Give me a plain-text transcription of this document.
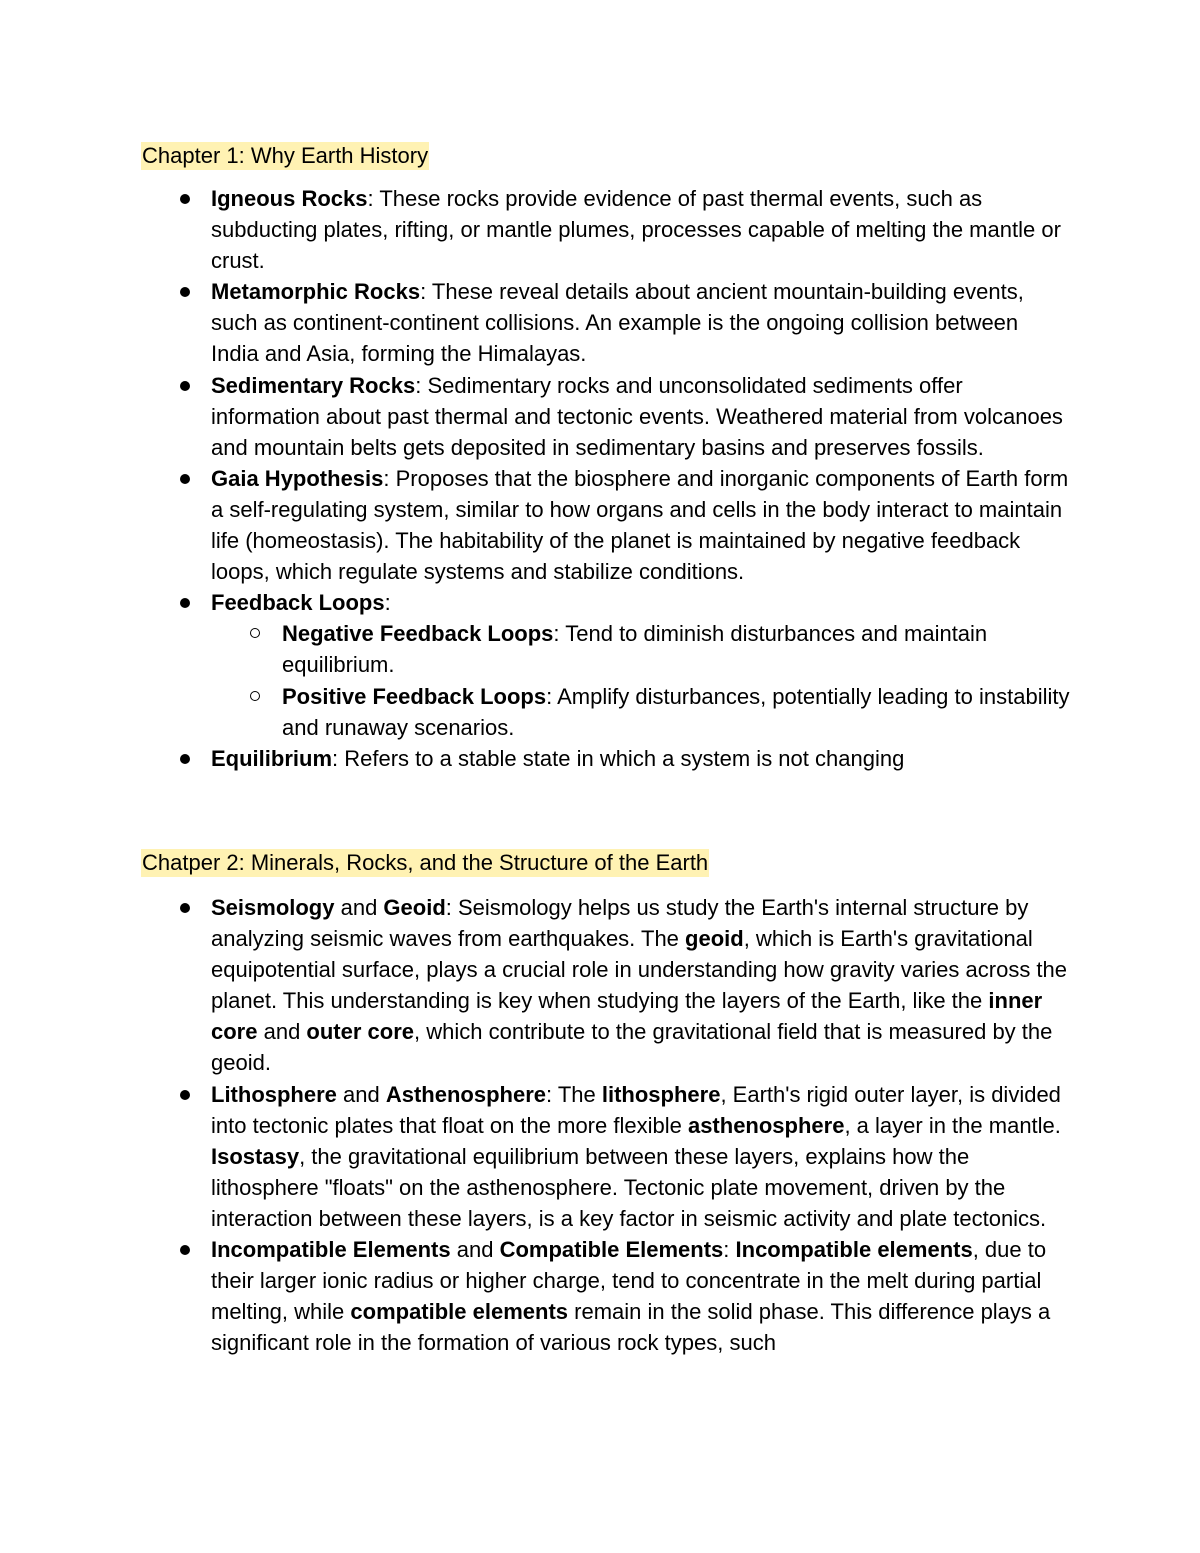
Chapter 1: Why Earth History
Igneous Rocks: These rocks provide evidence of past thermal events, such as subducting plates, rifting, or mantle plumes, processes capable of melting the mantle or crust.
Metamorphic Rocks: These reveal details about ancient mountain-building events, such as continent-continent collisions. An example is the ongoing collision between India and Asia, forming the Himalayas.
Sedimentary Rocks: Sedimentary rocks and unconsolidated sediments offer information about past thermal and tectonic events. Weathered material from volcanoes and mountain belts gets deposited in sedimentary basins and preserves fossils.
Gaia Hypothesis: Proposes that the biosphere and inorganic components of Earth form a self-regulating system, similar to how organs and cells in the body interact to maintain life (homeostasis). The habitability of the planet is maintained by negative feedback loops, which regulate systems and stabilize conditions.
Feedback Loops:
Negative Feedback Loops: Tend to diminish disturbances and maintain equilibrium.
Positive Feedback Loops: Amplify disturbances, potentially leading to instability and runaway scenarios.
Equilibrium: Refers to a stable state in which a system is not changing
Chatper 2: Minerals, Rocks, and the Structure of the Earth
Seismology and Geoid: Seismology helps us study the Earth's internal structure by analyzing seismic waves from earthquakes. The geoid, which is Earth's gravitational equipotential surface, plays a crucial role in understanding how gravity varies across the planet. This understanding is key when studying the layers of the Earth, like the inner core and outer core, which contribute to the gravitational field that is measured by the geoid.
Lithosphere and Asthenosphere: The lithosphere, Earth's rigid outer layer, is divided into tectonic plates that float on the more flexible asthenosphere, a layer in the mantle. Isostasy, the gravitational equilibrium between these layers, explains how the lithosphere "floats" on the asthenosphere. Tectonic plate movement, driven by the interaction between these layers, is a key factor in seismic activity and plate tectonics.
Incompatible Elements and Compatible Elements: Incompatible elements, due to their larger ionic radius or higher charge, tend to concentrate in the melt during partial melting, while compatible elements remain in the solid phase. This difference plays a significant role in the formation of various rock types, such
